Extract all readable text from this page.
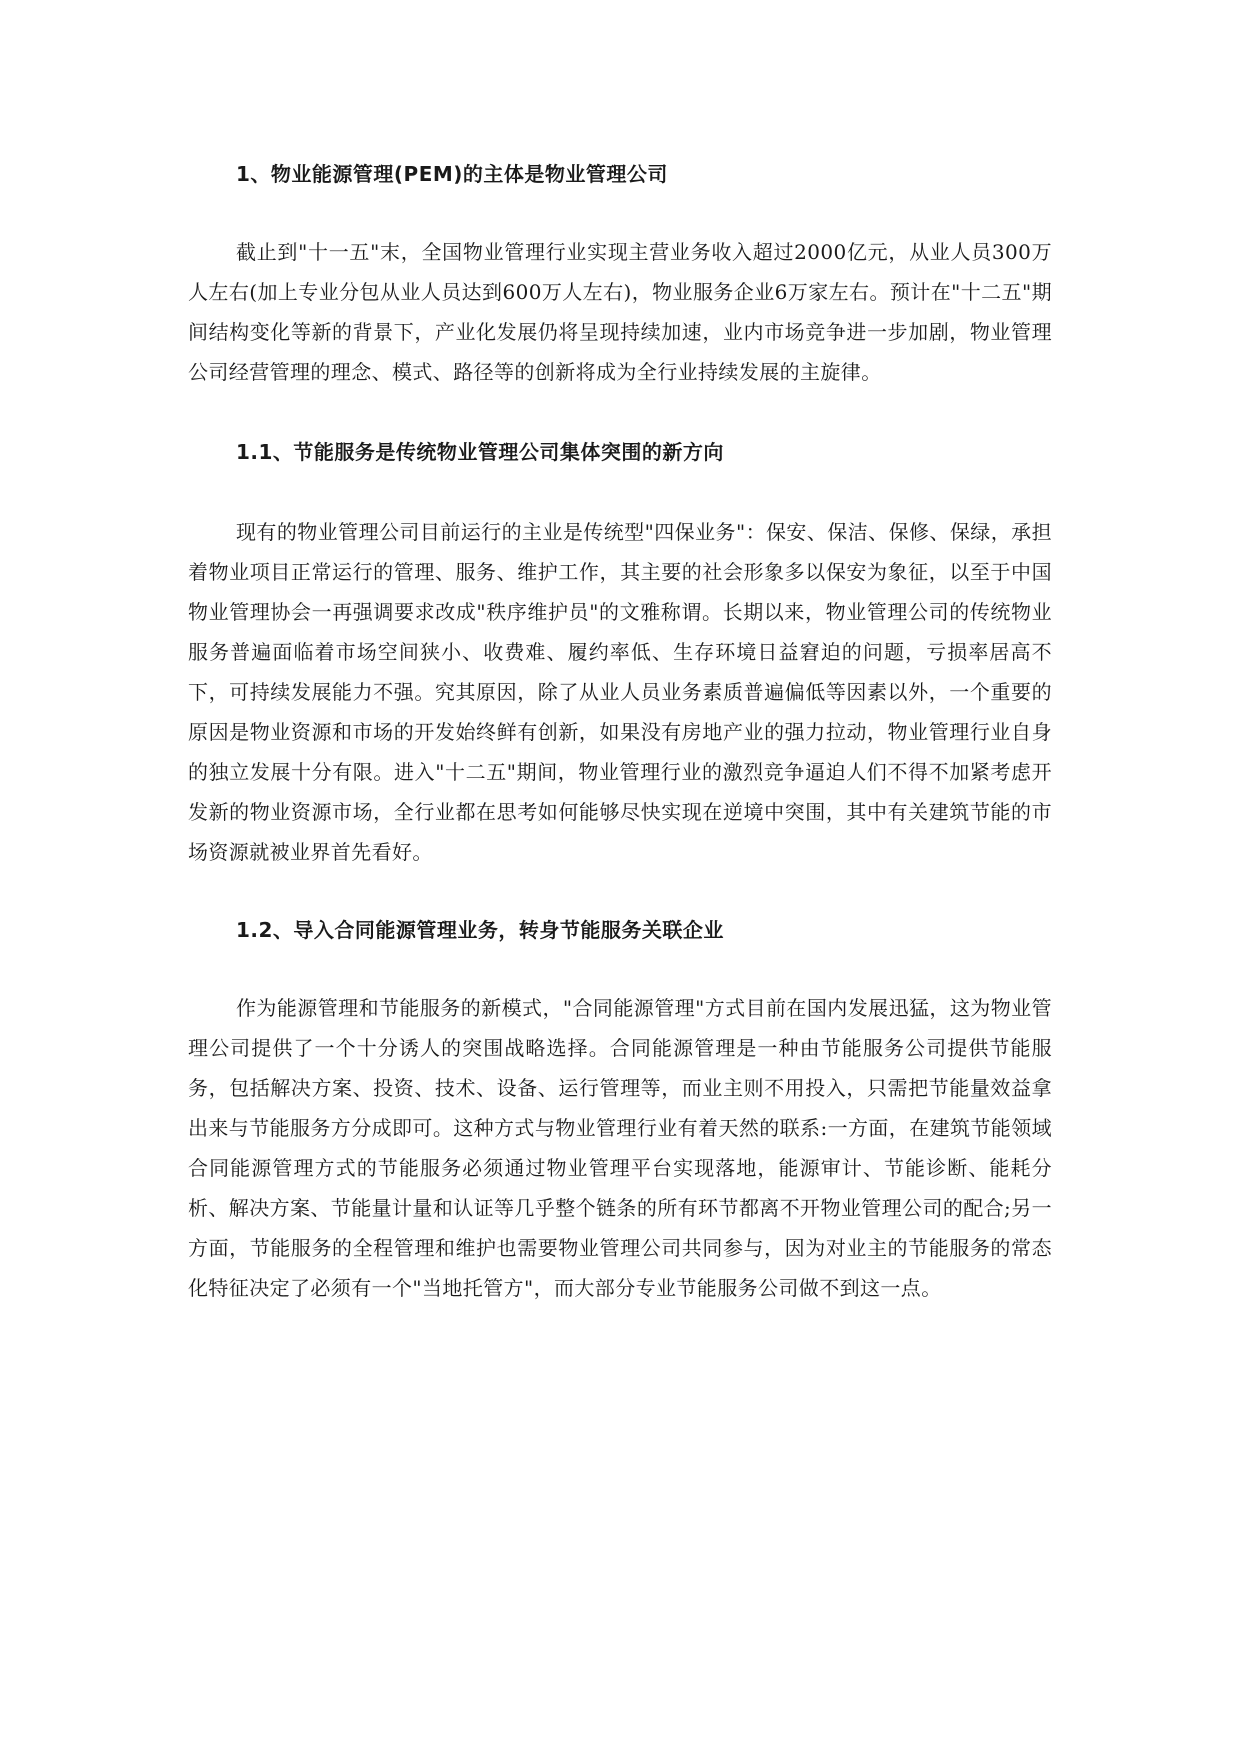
1、物业能源管理(PEM)的主体是物业管理公司

截止到"十一五"末，全国物业管理行业实现主营业务收入超过2000亿元，从业人员300万人左右(加上专业分包从业人员达到600万人左右)，物业服务企业6万家左右。预计在"十二五"期间结构变化等新的背景下，产业化发展仍将呈现持续加速，业内市场竞争进一步加剧，物业管理公司经营管理的理念、模式、路径等的创新将成为全行业持续发展的主旋律。

1.1、节能服务是传统物业管理公司集体突围的新方向

现有的物业管理公司目前运行的主业是传统型"四保业务"：保安、保洁、保修、保绿，承担着物业项目正常运行的管理、服务、维护工作，其主要的社会形象多以保安为象征，以至于中国物业管理协会一再强调要求改成"秩序维护员"的文雅称谓。长期以来，物业管理公司的传统物业服务普遍面临着市场空间狭小、收费难、履约率低、生存环境日益窘迫的问题，亏损率居高不下，可持续发展能力不强。究其原因，除了从业人员业务素质普遍偏低等因素以外，一个重要的原因是物业资源和市场的开发始终鲜有创新，如果没有房地产业的强力拉动，物业管理行业自身的独立发展十分有限。进入"十二五"期间，物业管理行业的激烈竞争逼迫人们不得不加紧考虑开发新的物业资源市场，全行业都在思考如何能够尽快实现在逆境中突围，其中有关建筑节能的市场资源就被业界首先看好。

1.2、导入合同能源管理业务，转身节能服务关联企业

作为能源管理和节能服务的新模式，"合同能源管理"方式目前在国内发展迅猛，这为物业管理公司提供了一个十分诱人的突围战略选择。合同能源管理是一种由节能服务公司提供节能服务，包括解决方案、投资、技术、设备、运行管理等，而业主则不用投入，只需把节能量效益拿出来与节能服务方分成即可。这种方式与物业管理行业有着天然的联系:一方面，在建筑节能领域合同能源管理方式的节能服务必须通过物业管理平台实现落地，能源审计、节能诊断、能耗分析、解决方案、节能量计量和认证等几乎整个链条的所有环节都离不开物业管理公司的配合;另一方面，节能服务的全程管理和维护也需要物业管理公司共同参与，因为对业主的节能服务的常态化特征决定了必须有一个"当地托管方"，而大部分专业节能服务公司做不到这一点。
